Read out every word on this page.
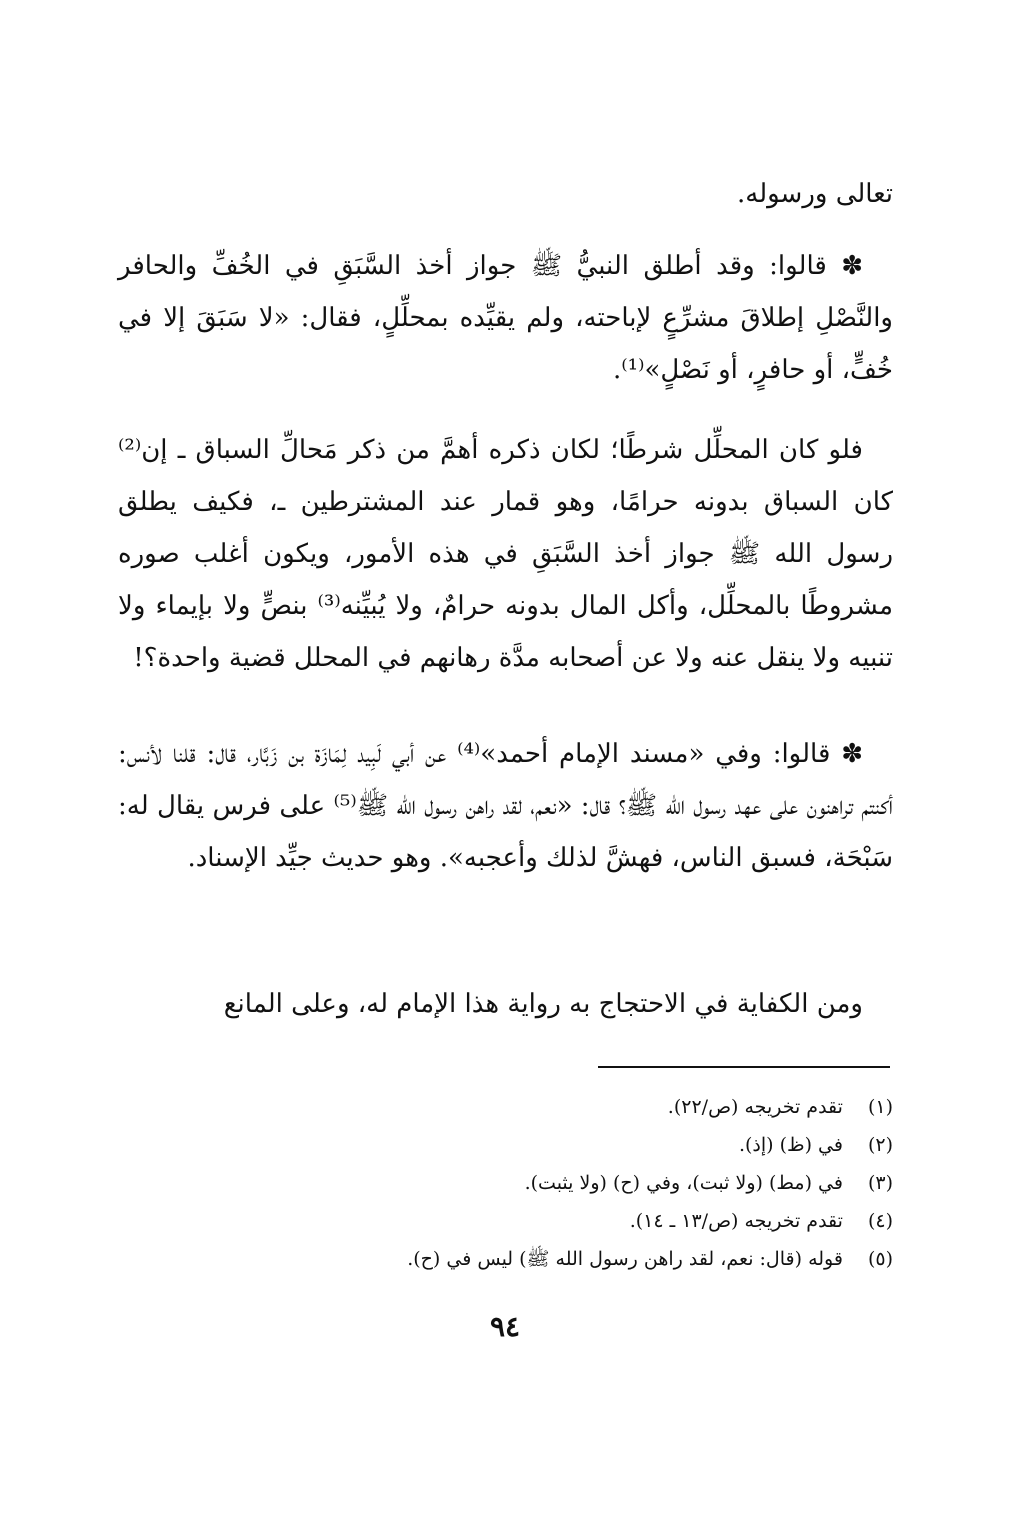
تعالى ورسوله.

✽ قالوا: وقد أطلق النبيُّ ﷺ جواز أخذ السَّبَقِ في الخُفِّ والحافر والنَّصْلِ إطلاقَ مشرِّعٍ لإباحته، ولم يقيِّده بمحلِّلٍ، فقال: «لا سَبَقَ إلا في خُفٍّ، أو حافرٍ، أو نَصْلٍ»⁽¹⁾.

فلو كان المحلِّل شرطًا؛ لكان ذكره أهمَّ من ذكر مَحالِّ السباق ـ إن⁽²⁾ كان السباق بدونه حرامًا، وهو قمار عند المشترطين ـ، فكيف يطلق رسول الله ﷺ جواز أخذ السَّبَقِ في هذه الأمور، ويكون أغلب صوره مشروطًا بالمحلِّل، وأكل المال بدونه حرامٌ، ولا يُبيِّنه⁽³⁾ بنصٍّ ولا بإيماء ولا تنبيه ولا ينقل عنه ولا عن أصحابه مدَّة رهانهم في المحلل قضية واحدة؟!

✽ قالوا: وفي «مسند الإمام أحمد»⁽⁴⁾ عن أبي لَبِيد لِمَازَة بن زَبَّار، قال: قلنا لأنس: أكنتم تراهنون على عهد رسول الله ﷺ؟ قال: «نعم، لقد راهن رسول الله ﷺ⁽⁵⁾ على فرس يقال له: سَبْحَة، فسبق الناس، فهشَّ لذلك وأعجبه». وهو حديث جيِّد الإسناد.

ومن الكفاية في الاحتجاج به رواية هذا الإمام له، وعلى المانع

(١) تقدم تخريجه (ص/٢٢).
(٢) في (ظ) (إذ).
(٣) في (مط) (ولا ثبت)، وفي (ح) (ولا يثبت).
(٤) تقدم تخريجه (ص/١٣ ـ ١٤).
(٥) قوله (قال: نعم، لقد راهن رسول الله ﷺ) ليس في (ح).
٩٤
